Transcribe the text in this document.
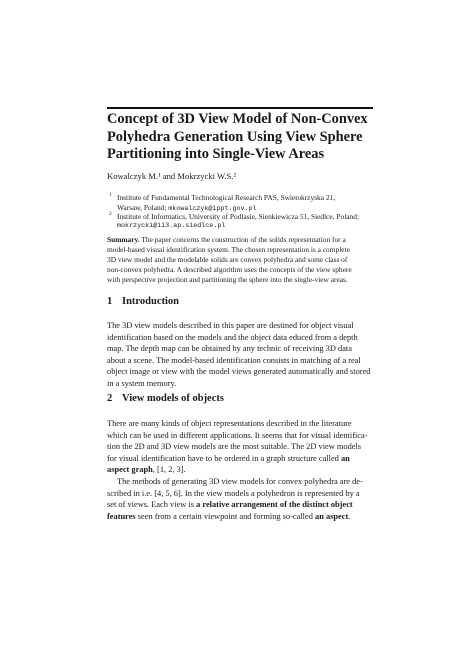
Concept of 3D View Model of Non-Convex
Polyhedra Generation Using View Sphere
Partitioning into Single-View Areas
Kowalczyk M.¹ and Mokrzycki W.S.²
1 Institute of Fundamental Technological Research PAS, Swietokrzyska 21,
Warsaw, Poland; mkowalczyk@ippt.gov.pl
2 Institute of Informatics, University of Podlasie, Sienkiewicza 51, Siedlce, Poland;
mokrzycki@ii3.ap.siedlce.pl

Summary. The paper concerns the construction of the solids representation for a
model-based visual identification system. The chosen representation is a complete
3D view model and the modelable solids are convex polyhedra and some class of
non-convex polyhedra. A described algorithm uses the concepts of the view sphere
with perspective projection and partitioning the sphere into the single-view areas.

1 Introduction
The 3D view models described in this paper are destined for object visual
identification based on the models and the object data educed from a depth
map. The depth map can be obtained by any technic of receiving 3D data
about a scene. The model-based identification consists in matching of a real
object image or view with the model views generated automatically and stored
in a system memory.
2 View models of objects
There are many kinds of object representations described in the literature
which can be used in different applications. It seems that for visual identifica-
tion the 2D and 3D view models are the most suitable. The 2D view models
for visual identification have to be ordered in a graph structure called an
aspect graph, [1, 2, 3].
The methods of generating 3D view models for convex polyhedra are de-
scribed in i.e. [4, 5, 6]. In the view models a polyhedron is represented by a
set of views. Each view is a relative arrangement of the distinct object
features seen from a certain viewpoint and forming so-called an aspect.
